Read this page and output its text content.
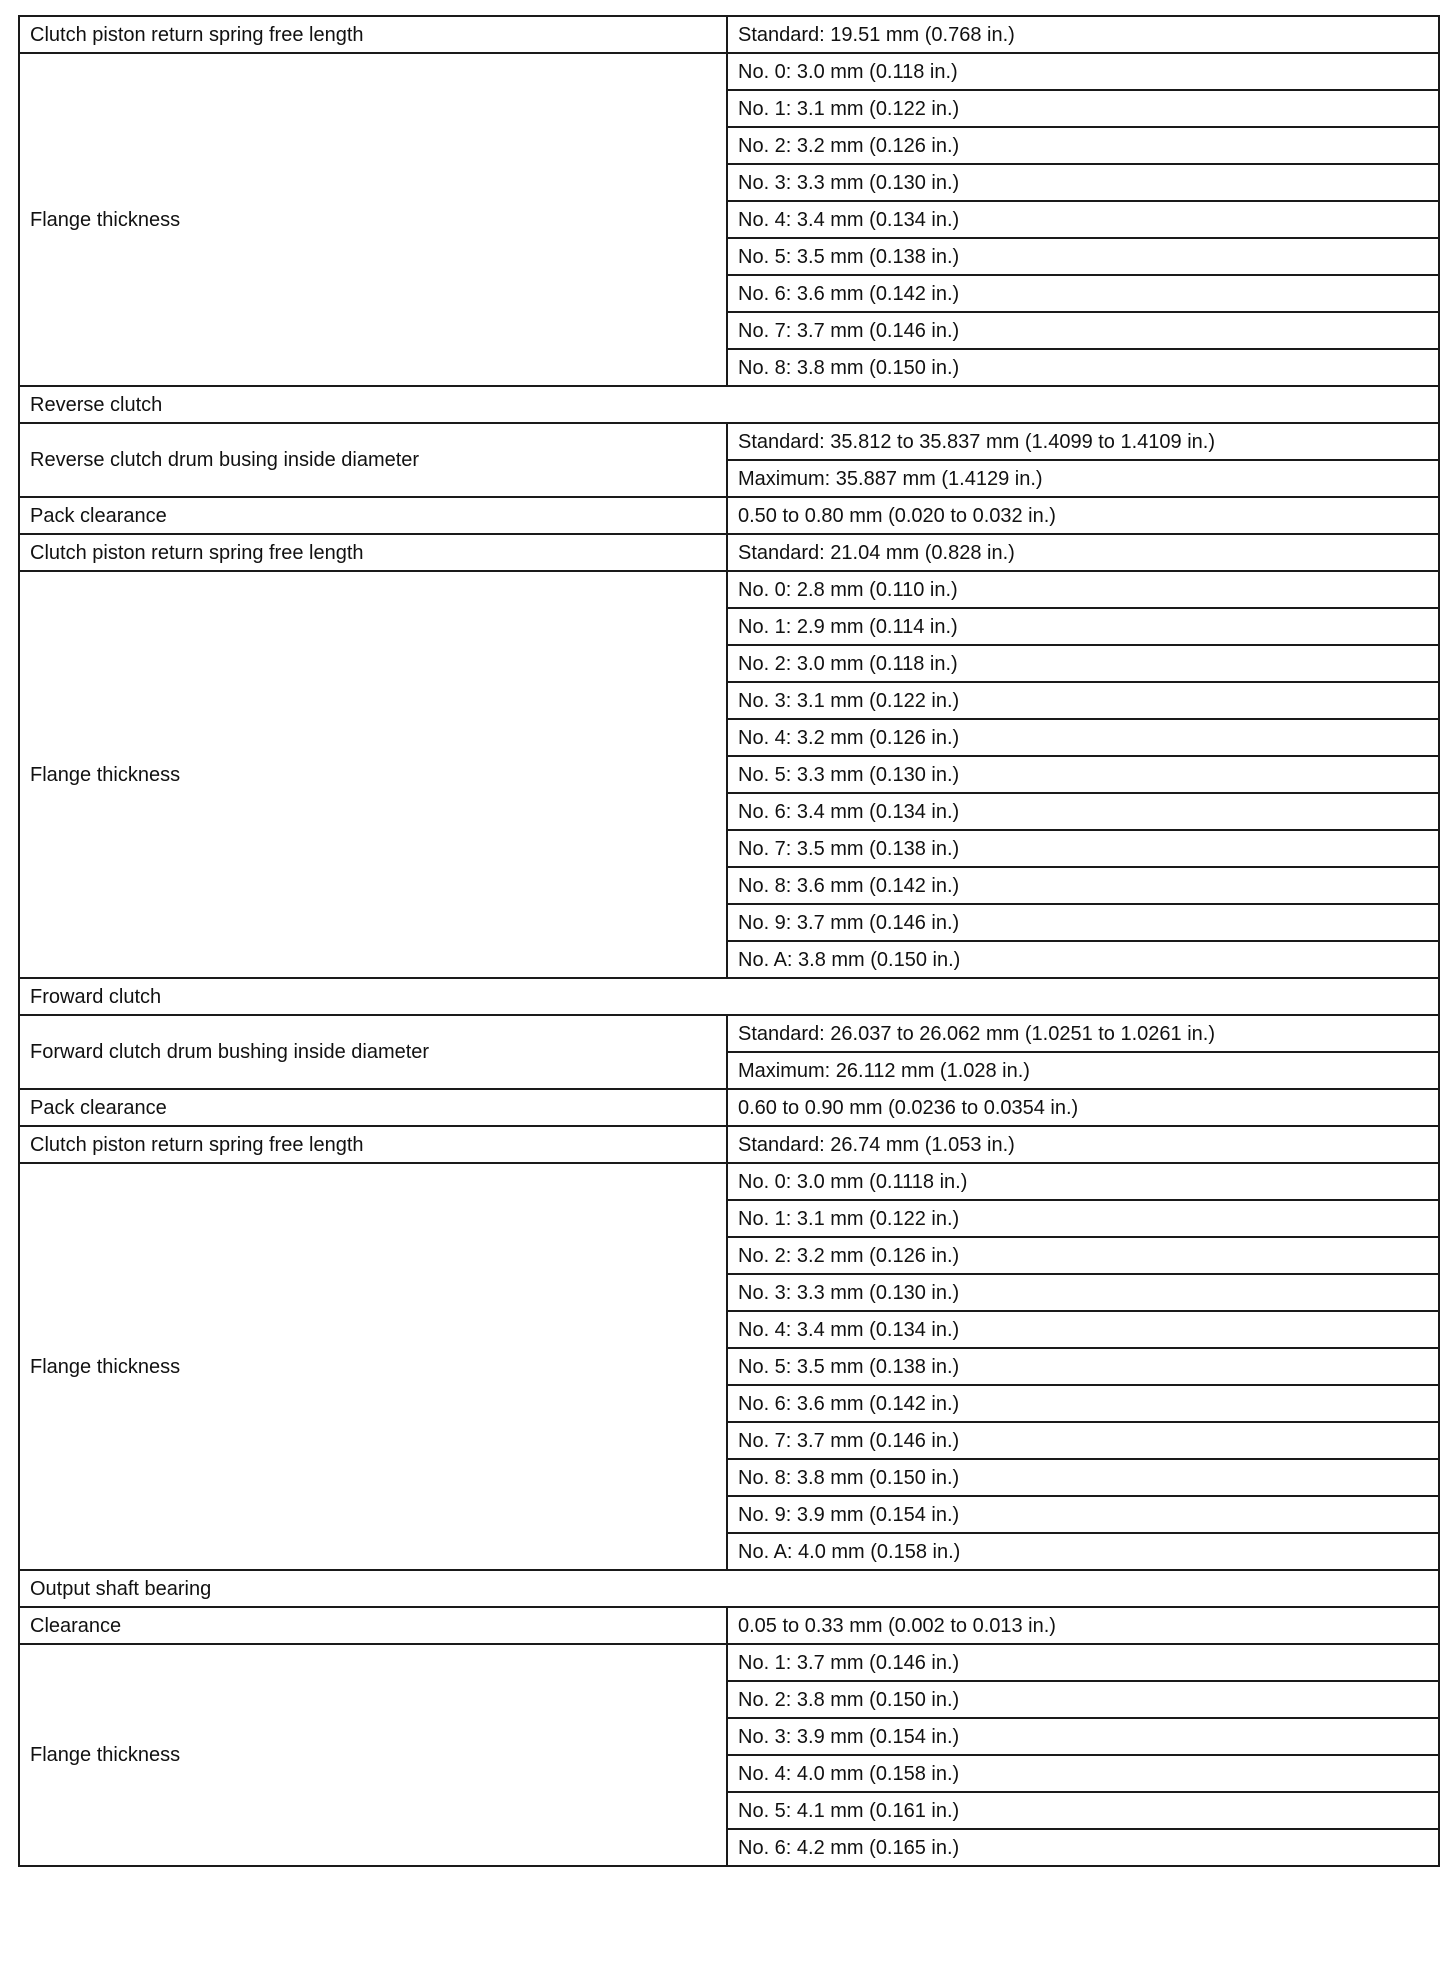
Clutch piston return spring free length	Standard: 19.51 mm (0.768 in.)
Flange thickness	No. 0: 3.0 mm (0.118 in.)
	No. 1: 3.1 mm (0.122 in.)
	No. 2: 3.2 mm (0.126 in.)
	No. 3: 3.3 mm (0.130 in.)
	No. 4: 3.4 mm (0.134 in.)
	No. 5: 3.5 mm (0.138 in.)
	No. 6: 3.6 mm (0.142 in.)
	No. 7: 3.7 mm (0.146 in.)
	No. 8: 3.8 mm (0.150 in.)
Reverse clutch	
Reverse clutch drum busing inside diameter	Standard: 35.812 to 35.837 mm (1.4099 to 1.4109 in.)
	Maximum: 35.887 mm (1.4129 in.)
Pack clearance	0.50 to 0.80 mm (0.020 to 0.032 in.)
Clutch piston return spring free length	Standard: 21.04 mm (0.828 in.)
Flange thickness	No. 0: 2.8 mm (0.110 in.)
	No. 1: 2.9 mm (0.114 in.)
	No. 2: 3.0 mm (0.118 in.)
	No. 3: 3.1 mm (0.122 in.)
	No. 4: 3.2 mm (0.126 in.)
	No. 5: 3.3 mm (0.130 in.)
	No. 6: 3.4 mm (0.134 in.)
	No. 7: 3.5 mm (0.138 in.)
	No. 8: 3.6 mm (0.142 in.)
	No. 9: 3.7 mm (0.146 in.)
	No. A: 3.8 mm (0.150 in.)
Froward clutch	
Forward clutch drum bushing inside diameter	Standard: 26.037 to 26.062 mm (1.0251 to 1.0261 in.)
	Maximum: 26.112 mm (1.028 in.)
Pack clearance	0.60 to 0.90 mm (0.0236 to 0.0354 in.)
Clutch piston return spring free length	Standard: 26.74 mm (1.053 in.)
Flange thickness	No. 0: 3.0 mm (0.1118 in.)
	No. 1: 3.1 mm (0.122 in.)
	No. 2: 3.2 mm (0.126 in.)
	No. 3: 3.3 mm (0.130 in.)
	No. 4: 3.4 mm (0.134 in.)
	No. 5: 3.5 mm (0.138 in.)
	No. 6: 3.6 mm (0.142 in.)
	No. 7: 3.7 mm (0.146 in.)
	No. 8: 3.8 mm (0.150 in.)
	No. 9: 3.9 mm (0.154 in.)
	No. A: 4.0 mm (0.158 in.)
Output shaft bearing	
Clearance	0.05 to 0.33 mm (0.002 to 0.013 in.)
Flange thickness	No. 1: 3.7 mm (0.146 in.)
	No. 2: 3.8 mm (0.150 in.)
	No. 3: 3.9 mm (0.154 in.)
	No. 4: 4.0 mm (0.158 in.)
	No. 5: 4.1 mm (0.161 in.)
	No. 6: 4.2 mm (0.165 in.)
